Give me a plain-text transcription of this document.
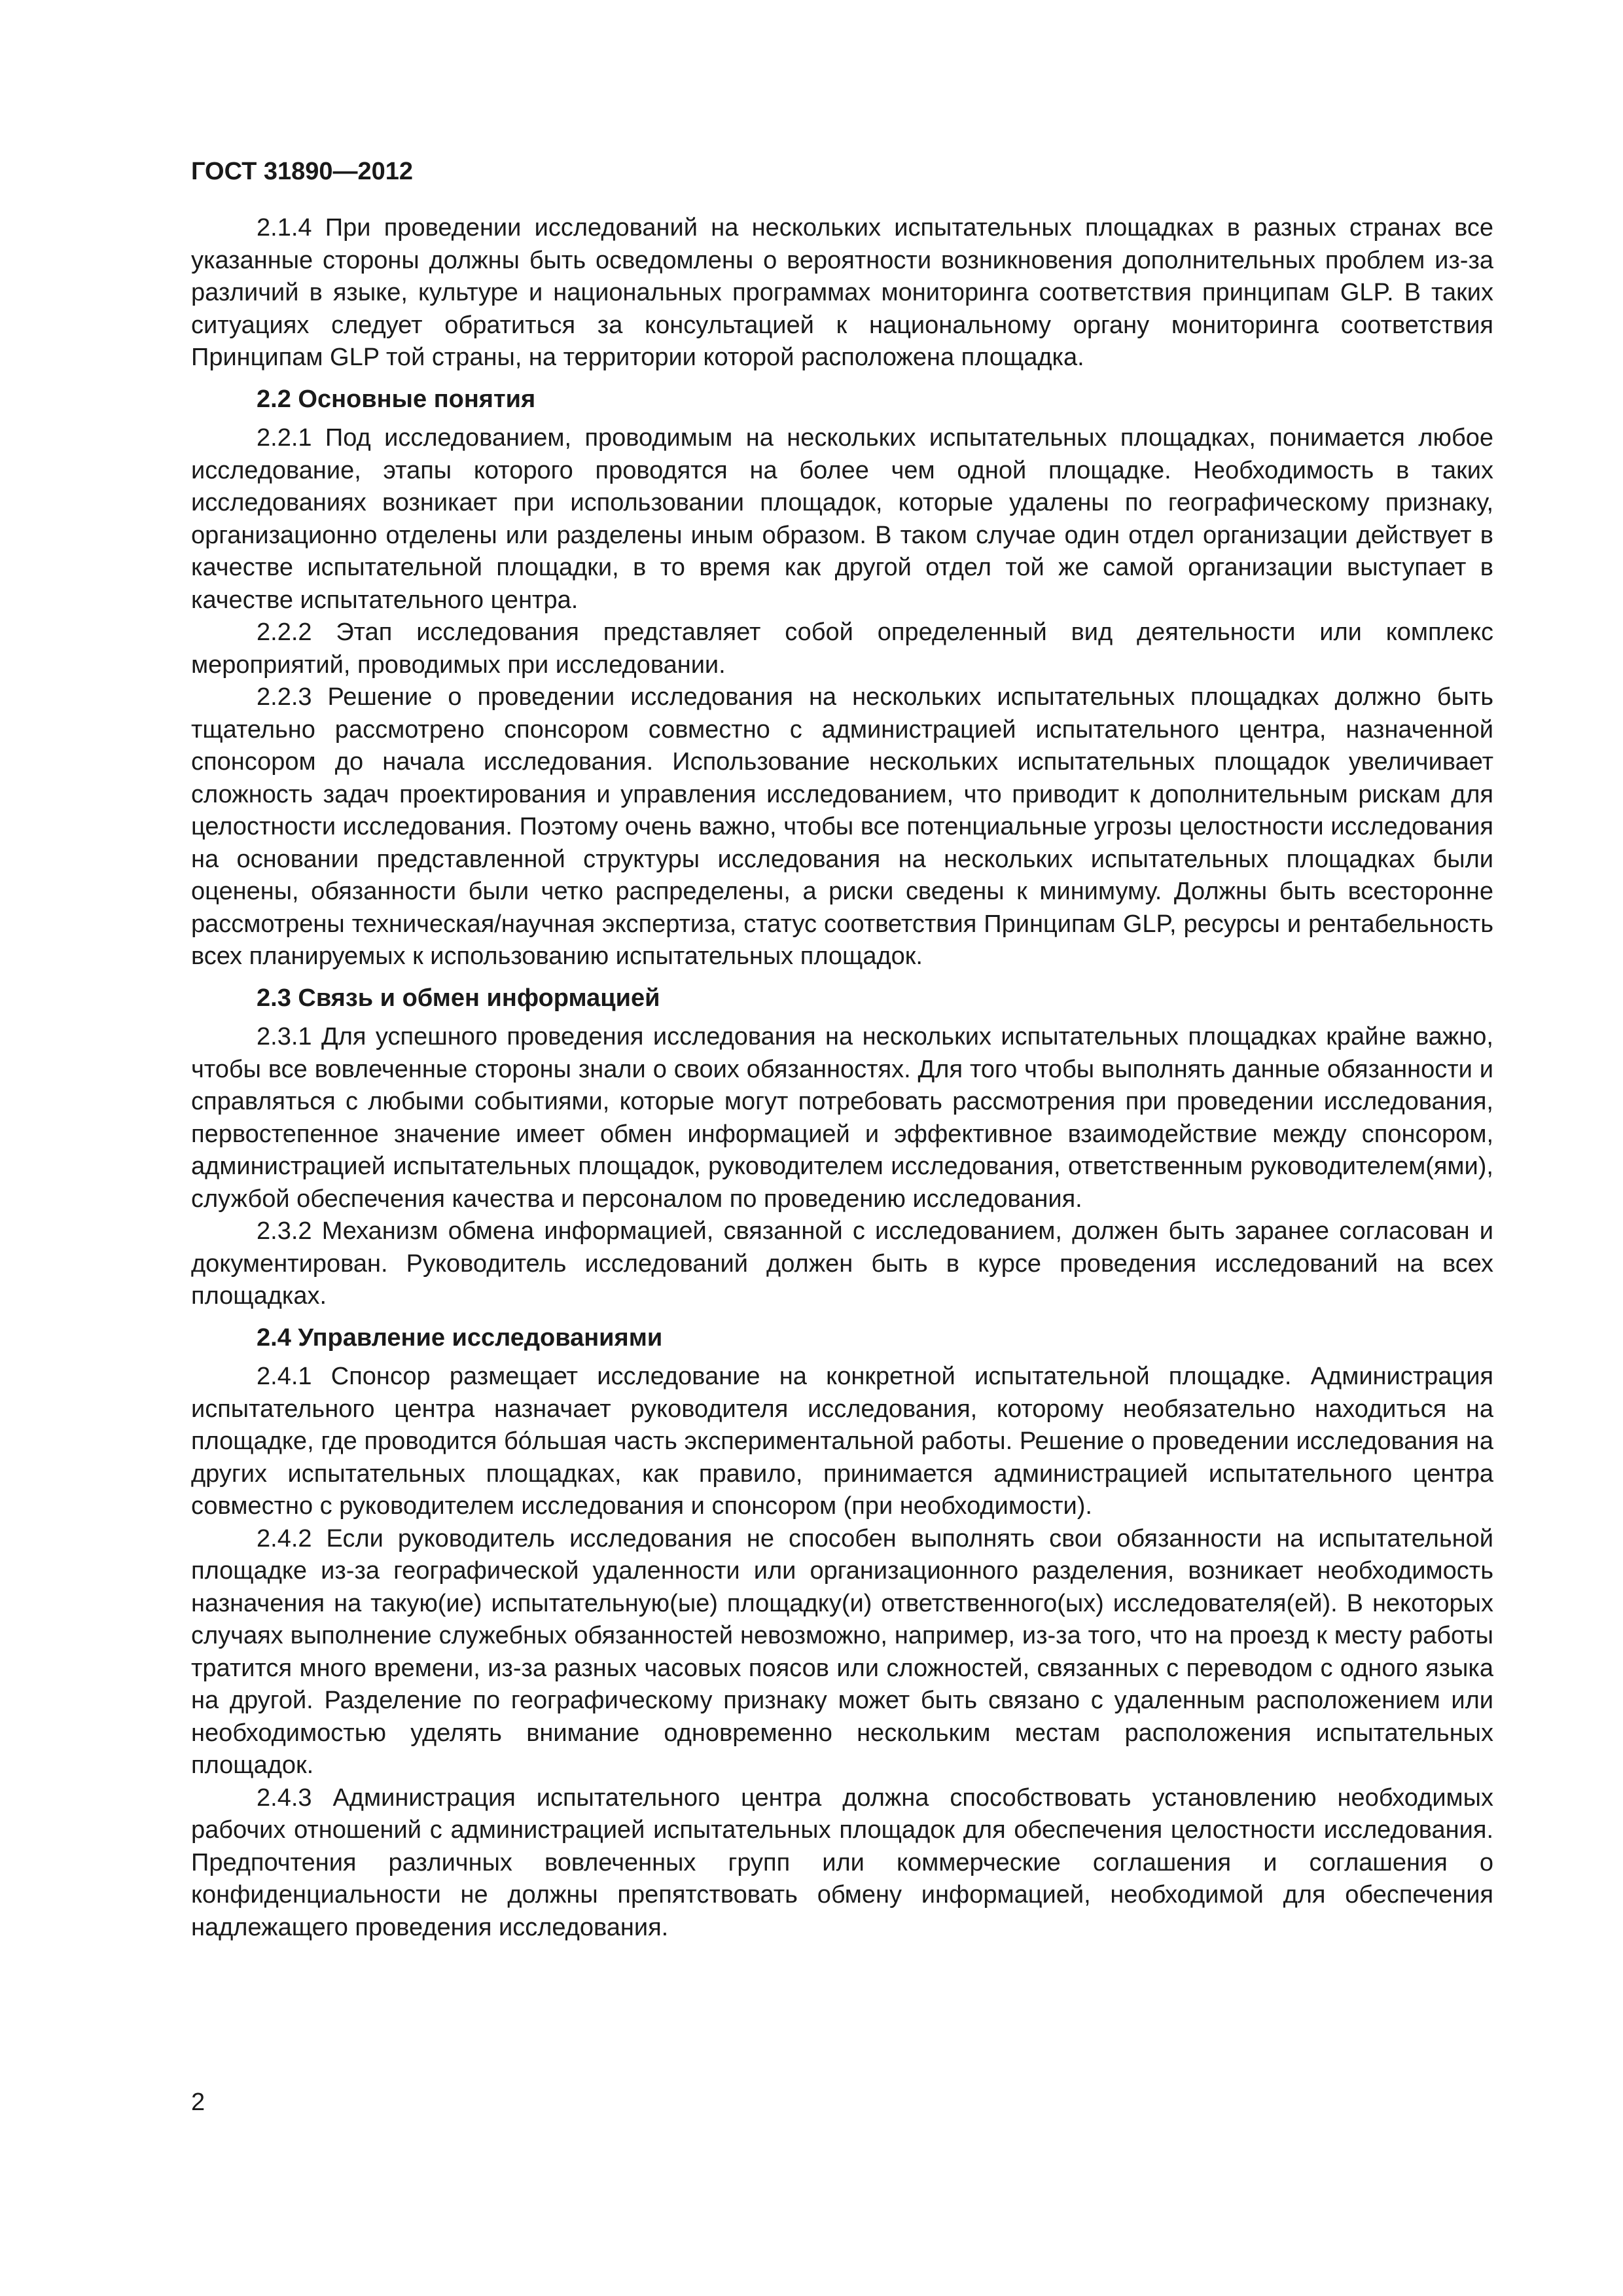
ГОСТ 31890—2012

2.1.4 При проведении исследований на нескольких испытательных площадках в разных странах все указанные стороны должны быть осведомлены о вероятности возникновения дополнительных проблем из-за различий в языке, культуре и национальных программах мониторинга соответствия принципам GLP. В таких ситуациях следует обратиться за консультацией к национальному органу мониторинга соответствия Принципам GLP той страны, на территории которой расположена площадка.

2.2 Основные понятия

2.2.1 Под исследованием, проводимым на нескольких испытательных площадках, понимается любое исследование, этапы которого проводятся на более чем одной площадке. Необходимость в таких исследованиях возникает при использовании площадок, которые удалены по географическому признаку, организационно отделены или разделены иным образом. В таком случае один отдел организации действует в качестве испытательной площадки, в то время как другой отдел той же самой организации выступает в качестве испытательного центра.

2.2.2 Этап исследования представляет собой определенный вид деятельности или комплекс мероприятий, проводимых при исследовании.

2.2.3 Решение о проведении исследования на нескольких испытательных площадках должно быть тщательно рассмотрено спонсором совместно с администрацией испытательного центра, назначенной спонсором до начала исследования. Использование нескольких испытательных площадок увеличивает сложность задач проектирования и управления исследованием, что приводит к дополнительным рискам для целостности исследования. Поэтому очень важно, чтобы все потенциальные угрозы целостности исследования на основании представленной структуры исследования на нескольких испытательных площадках были оценены, обязанности были четко распределены, а риски сведены к минимуму. Должны быть всесторонне рассмотрены техническая/научная экспертиза, статус соответствия Принципам GLP, ресурсы и рентабельность всех планируемых к использованию испытательных площадок.

2.3 Связь и обмен информацией

2.3.1 Для успешного проведения исследования на нескольких испытательных площадках крайне важно, чтобы все вовлеченные стороны знали о своих обязанностях. Для того чтобы выполнять данные обязанности и справляться с любыми событиями, которые могут потребовать рассмотрения при проведении исследования, первостепенное значение имеет обмен информацией и эффективное взаимодействие между спонсором, администрацией испытательных площадок, руководителем исследования, ответственным руководителем(ями), службой обеспечения качества и персоналом по проведению исследования.

2.3.2 Механизм обмена информацией, связанной с исследованием, должен быть заранее согласован и документирован. Руководитель исследований должен быть в курсе проведения исследований на всех площадках.

2.4 Управление исследованиями

2.4.1 Спонсор размещает исследование на конкретной испытательной площадке. Администрация испытательного центра назначает руководителя исследования, которому необязательно находиться на площадке, где проводится бо́льшая часть экспериментальной работы. Решение о проведении исследования на других испытательных площадках, как правило, принимается администрацией испытательного центра совместно с руководителем исследования и спонсором (при необходимости).

2.4.2 Если руководитель исследования не способен выполнять свои обязанности на испытательной площадке из-за географической удаленности или организационного разделения, возникает необходимость назначения на такую(ие) испытательную(ые) площадку(и) ответственного(ых) исследователя(ей). В некоторых случаях выполнение служебных обязанностей невозможно, например, из-за того, что на проезд к месту работы тратится много времени, из-за разных часовых поясов или сложностей, связанных с переводом с одного языка на другой. Разделение по географическому признаку может быть связано с удаленным расположением или необходимостью уделять внимание одновременно нескольким местам расположения испытательных площадок.

2.4.3 Администрация испытательного центра должна способствовать установлению необходимых рабочих отношений с администрацией испытательных площадок для обеспечения целостности исследования. Предпочтения различных вовлеченных групп или коммерческие соглашения и соглашения о конфиденциальности не должны препятствовать обмену информацией, необходимой для обеспечения надлежащего проведения исследования.

2
